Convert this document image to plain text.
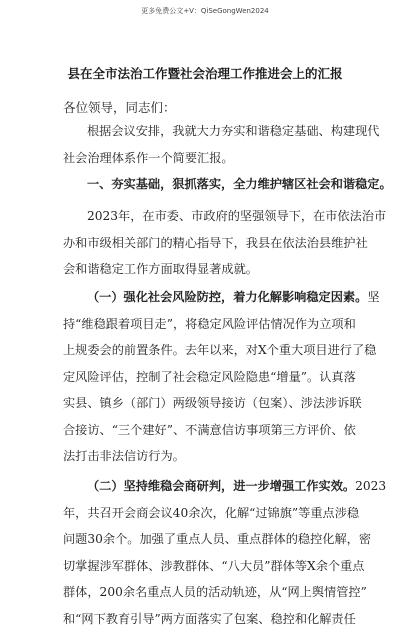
更多免费公文+V：QiSeGongWen2024
县在全市法治工作暨社会治理工作推进会上的汇报
各位领导，同志们：
根据会议安排，我就大力夯实和谐稳定基础、构建现代
社会治理体系作一个简要汇报。
一、夯实基础，狠抓落实，全力维护辖区社会和谐稳定。
2023年，在市委、市政府的坚强领导下，在市依法治市
办和市级相关部门的精心指导下，我县在依法治县维护社
会和谐稳定工作方面取得显著成就。
（一）强化社会风险防控，着力化解影响稳定因素。坚
持“维稳跟着项目走”，将稳定风险评估情况作为立项和
上规委会的前置条件。去年以来，对X个重大项目进行了稳
定风险评估，控制了社会稳定风险隐患“增量”。认真落
实县、镇乡（部门）两级领导接访（包案）、涉法涉诉联
合接访、“三个建好”、不满意信访事项第三方评价、依
法打击非法信访行为。
（二）坚持维稳会商研判，进一步增强工作实效。2023
年，共召开会商会议40余次，化解“过锦旗”等重点涉稳
问题30余个。加强了重点人员、重点群体的稳控化解，密
切掌握涉军群体、涉教群体、“八大员”群体等X余个重点
群体，200余名重点人员的活动轨迹，从“网上舆情管控”
和“网下教育引导”两方面落实了包案、稳控和化解责任
